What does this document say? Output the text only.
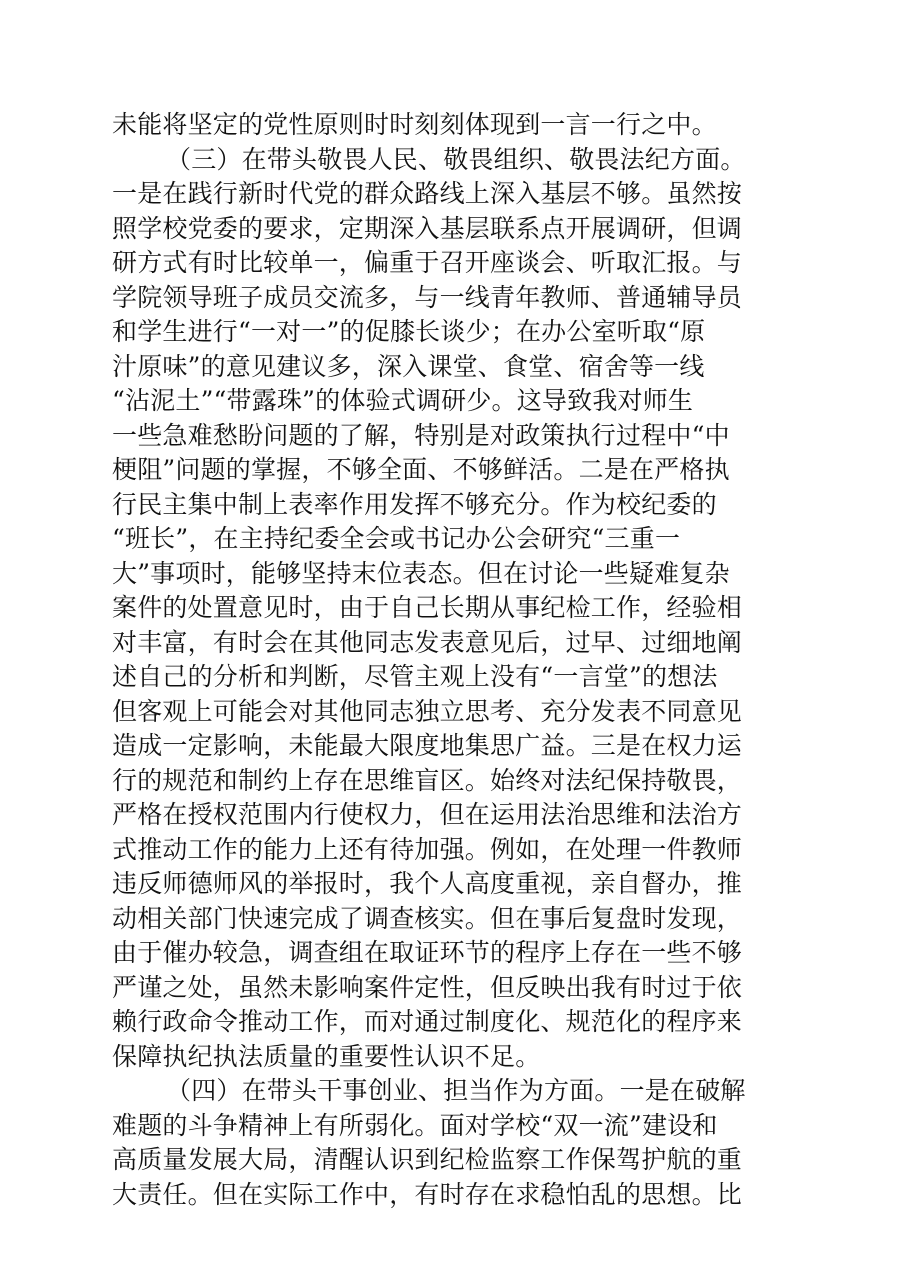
未能将坚定的党性原则时时刻刻体现到一言一行之中。
（三）在带头敬畏人民、敬畏组织、敬畏法纪方面。
一是在践行新时代党的群众路线上深入基层不够。虽然按
照学校党委的要求，定期深入基层联系点开展调研，但调
研方式有时比较单一，偏重于召开座谈会、听取汇报。与
学院领导班子成员交流多，与一线青年教师、普通辅导员
和学生进行“一对一”的促膝长谈少；在办公室听取“原
汁原味”的意见建议多，深入课堂、食堂、宿舍等一线
“沾泥土”“带露珠”的体验式调研少。这导致我对师生
一些急难愁盼问题的了解，特别是对政策执行过程中“中
梗阻”问题的掌握，不够全面、不够鲜活。二是在严格执
行民主集中制上表率作用发挥不够充分。作为校纪委的
“班长”，在主持纪委全会或书记办公会研究“三重一
大”事项时，能够坚持末位表态。但在讨论一些疑难复杂
案件的处置意见时，由于自己长期从事纪检工作，经验相
对丰富，有时会在其他同志发表意见后，过早、过细地阐
述自己的分析和判断，尽管主观上没有“一言堂”的想法
但客观上可能会对其他同志独立思考、充分发表不同意见
造成一定影响，未能最大限度地集思广益。三是在权力运
行的规范和制约上存在思维盲区。始终对法纪保持敬畏，
严格在授权范围内行使权力，但在运用法治思维和法治方
式推动工作的能力上还有待加强。例如，在处理一件教师
违反师德师风的举报时，我个人高度重视，亲自督办，推
动相关部门快速完成了调查核实。但在事后复盘时发现，
由于催办较急，调查组在取证环节的程序上存在一些不够
严谨之处，虽然未影响案件定性，但反映出我有时过于依
赖行政命令推动工作，而对通过制度化、规范化的程序来
保障执纪执法质量的重要性认识不足。
（四）在带头干事创业、担当作为方面。一是在破解
难题的斗争精神上有所弱化。面对学校“双一流”建设和
高质量发展大局，清醒认识到纪检监察工作保驾护航的重
大责任。但在实际工作中，有时存在求稳怕乱的思想。比
